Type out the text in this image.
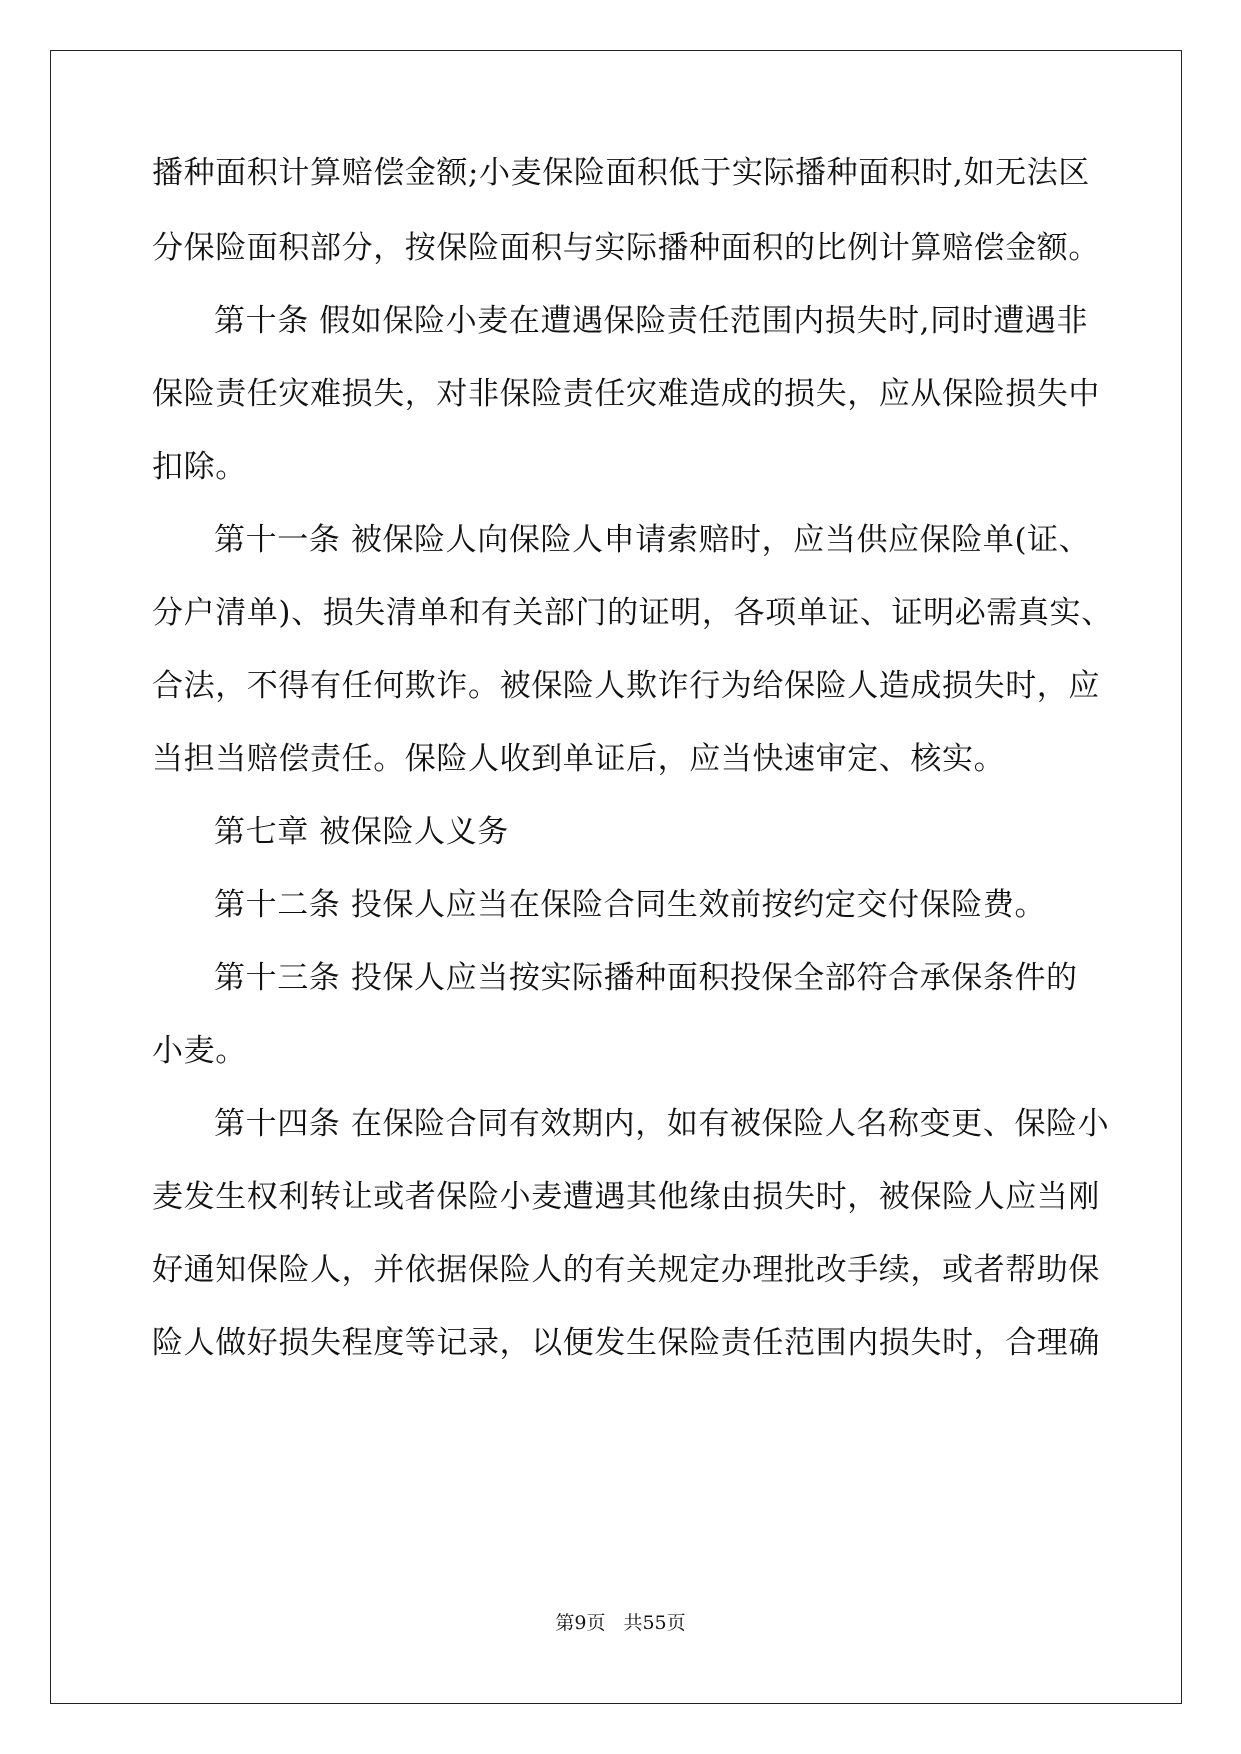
播种面积计算赔偿金额;小麦保险面积低于实际播种面积时,如无法区
分保险面积部分，按保险面积与实际播种面积的比例计算赔偿金额。
第十条 假如保险小麦在遭遇保险责任范围内损失时,同时遭遇非
保险责任灾难损失，对非保险责任灾难造成的损失，应从保险损失中
扣除。
第十一条 被保险人向保险人申请索赔时，应当供应保险单(证、
分户清单)、损失清单和有关部门的证明，各项单证、证明必需真实、
合法，不得有任何欺诈。被保险人欺诈行为给保险人造成损失时，应
当担当赔偿责任。保险人收到单证后，应当快速审定、核实。
第七章 被保险人义务
第十二条 投保人应当在保险合同生效前按约定交付保险费。
第十三条 投保人应当按实际播种面积投保全部符合承保条件的
小麦。
第十四条 在保险合同有效期内，如有被保险人名称变更、保险小
麦发生权利转让或者保险小麦遭遇其他缘由损失时，被保险人应当刚
好通知保险人，并依据保险人的有关规定办理批改手续，或者帮助保
险人做好损失程度等记录，以便发生保险责任范围内损失时，合理确
第9页 共55页
